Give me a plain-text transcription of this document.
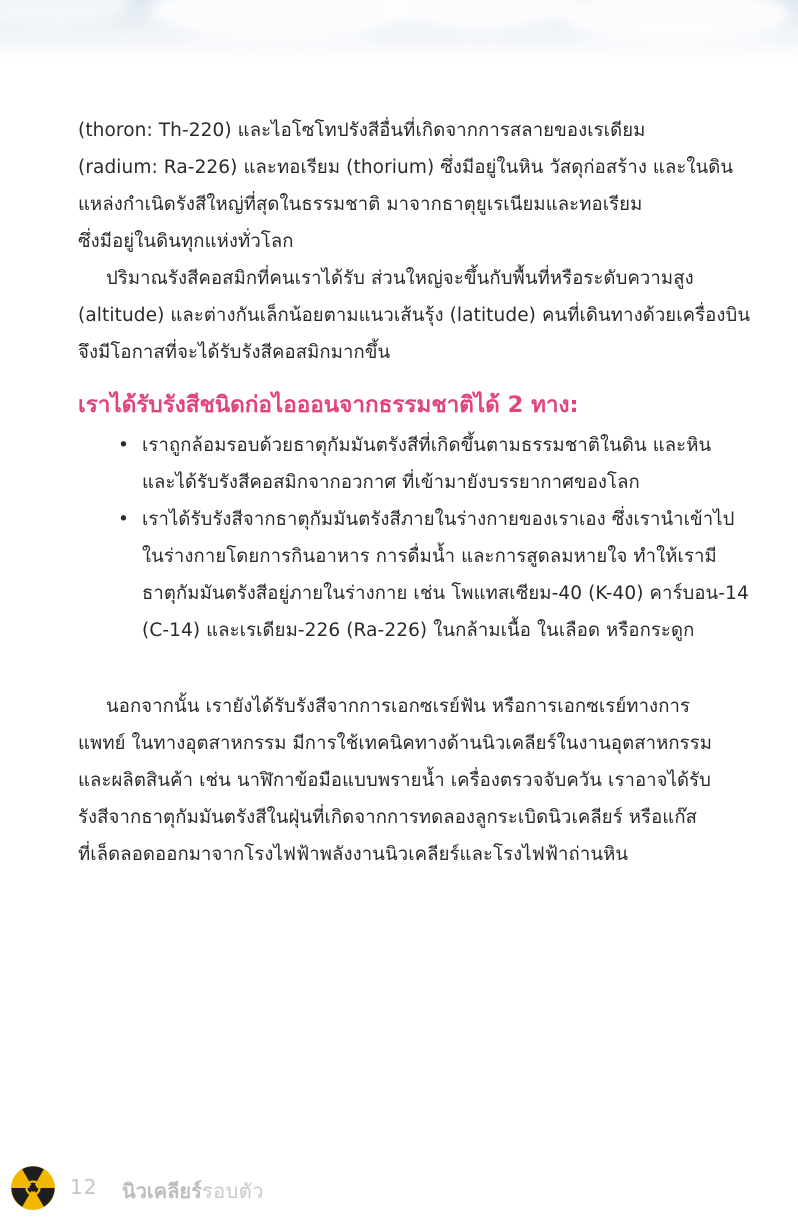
(thoron: Th-220) และไอโซโทปรังสีอื่นที่เกิดจากการสลายของเรเดียม
(radium: Ra-226) และทอเรียม (thorium) ซึ่งมีอยู่ในหิน วัสดุก่อสร้าง และในดิน
แหล่งกำเนิดรังสีใหญ่ที่สุดในธรรมชาติ มาจากธาตุยูเรเนียมและทอเรียม
ซึ่งมีอยู่ในดินทุกแห่งทั่วโลก
ปริมาณรังสีคอสมิกที่คนเราได้รับ ส่วนใหญ่จะขึ้นกับพื้นที่หรือระดับความสูง
(altitude) และต่างกันเล็กน้อยตามแนวเส้นรุ้ง (latitude) คนที่เดินทางด้วยเครื่องบิน
จึงมีโอกาสที่จะได้รับรังสีคอสมิกมากขึ้น
เราได้รับรังสีชนิดก่อไอออนจากธรรมชาติได้ 2 ทาง:
• เราถูกล้อมรอบด้วยธาตุกัมมันตรังสีที่เกิดขึ้นตามธรรมชาติในดิน และหิน
และได้รับรังสีคอสมิกจากอวกาศ ที่เข้ามายังบรรยากาศของโลก
• เราได้รับรังสีจากธาตุกัมมันตรังสีภายในร่างกายของเราเอง ซึ่งเรานำเข้าไป
ในร่างกายโดยการกินอาหาร การดื่มน้ำ และการสูดลมหายใจ ทำให้เรามี
ธาตุกัมมันตรังสีอยู่ภายในร่างกาย เช่น โพแทสเซียม-40 (K-40) คาร์บอน-14
(C-14) และเรเดียม-226 (Ra-226) ในกล้ามเนื้อ ในเลือด หรือกระดูก
นอกจากนั้น เรายังได้รับรังสีจากการเอกซเรย์ฟัน หรือการเอกซเรย์ทางการ
แพทย์ ในทางอุตสาหกรรม มีการใช้เทคนิคทางด้านนิวเคลียร์ในงานอุตสาหกรรม
และผลิตสินค้า เช่น นาฬิกาข้อมือแบบพรายน้ำ เครื่องตรวจจับควัน เราอาจได้รับ
รังสีจากธาตุกัมมันตรังสีในฝุ่นที่เกิดจากการทดลองลูกระเบิดนิวเคลียร์ หรือแก๊ส
ที่เล็ดลอดออกมาจากโรงไฟฟ้าพลังงานนิวเคลียร์และโรงไฟฟ้าถ่านหิน
12 นิวเคลียร์รอบตัว
